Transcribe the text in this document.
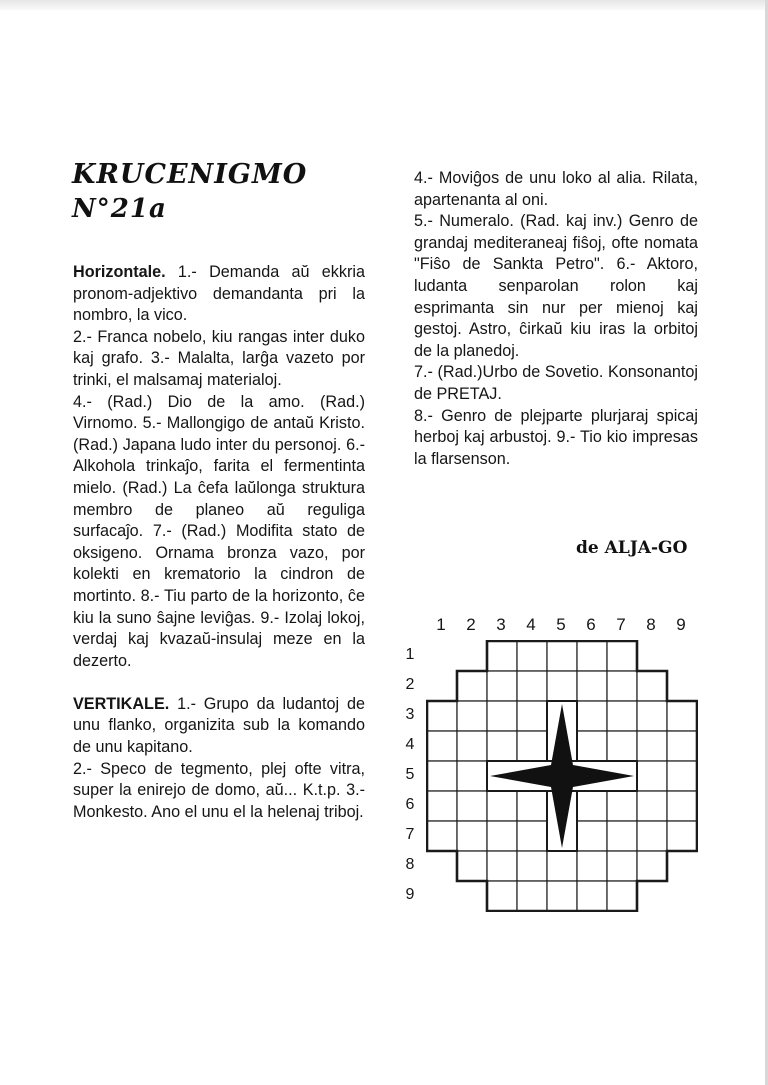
KRUCENIGMO
N°21a

Horizontale. 1.- Demanda aŭ ekkria pronom-adjektivo demandanta pri la nombro, la vico.

2.- Franca nobelo, kiu rangas inter duko kaj grafo. 3.- Malalta, larĝa vazeto por trinki, el malsamaj materialoj.

4.- (Rad.) Dio de la amo. (Rad.) Virnomo. 5.- Mallongigo de antaŭ Kristo. (Rad.) Japana ludo inter du personoj. 6.- Alkohola trinkaĵo, farita el fermentinta mielo. (Rad.) La ĉefa laŭlonga struktura membro de planeo aŭ reguliga surfacaĵo. 7.- (Rad.) Modifita stato de oksigeno. Ornama bronza vazo, por kolekti en krematorio la cindron de mortinto. 8.- Tiu parto de la horizonto, ĉe kiu la suno ŝajne leviĝas. 9.- Izolaj lokoj, verdaj kaj kvazaŭ-insulaj meze en la dezerto.

VERTIKALE. 1.- Grupo da ludantoj de unu flanko, organizita sub la komando de unu kapitano.

2.- Speco de tegmento, plej ofte vitra, super la enirejo de domo, aŭ... K.t.p. 3.- Monkesto. Ano el unu el la helenaj triboj.

4.- Moviĝos de unu loko al alia. Rilata, apartenanta al oni.

5.- Numeralo. (Rad. kaj inv.) Genro de grandaj mediteraneaj fiŝoj, ofte nomata "Fiŝo de Sankta Petro". 6.- Aktoro, ludanta senparolan rolon kaj esprimanta sin nur per mienoj kaj gestoj. Astro, ĉirkaŭ kiu iras la orbitoj de la planedoj.

7.- (Rad.)Urbo de Sovetio. Konsonantoj de PRETAJ.

8.- Genro de plejparte plurjaraj spicaj herboj kaj arbustoj. 9.- Tio kio impresas la flarsenson.

de ALJA-GO
1	2	3	4	5	6	7	8	9
1
2
3
4
5
6
7
8
9
